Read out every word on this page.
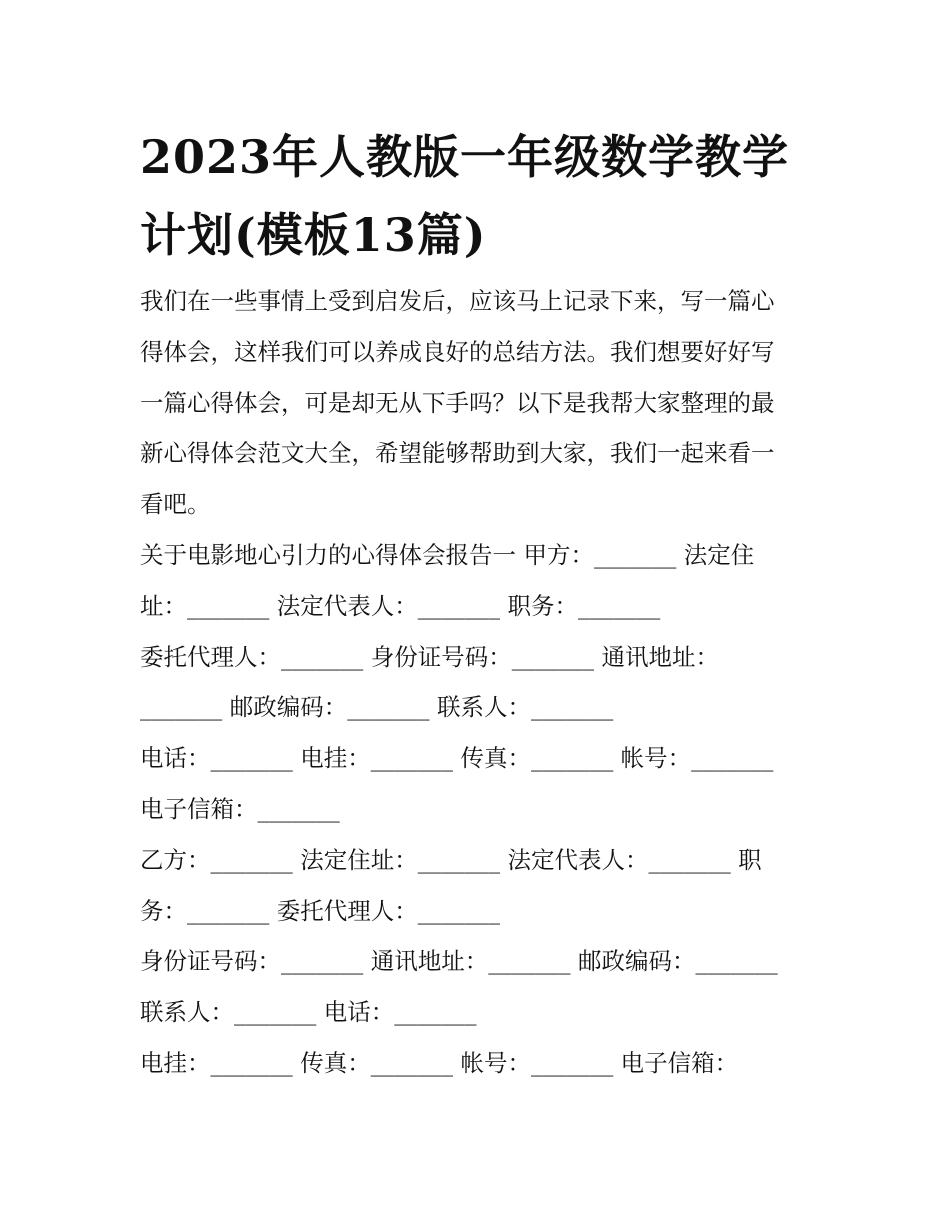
2023年人教版一年级数学教学
计划(模板13篇)
我们在一些事情上受到启发后，应该马上记录下来，写一篇心
得体会，这样我们可以养成良好的总结方法。我们想要好好写
一篇心得体会，可是却无从下手吗？以下是我帮大家整理的最
新心得体会范文大全，希望能够帮助到大家，我们一起来看一
看吧。
关于电影地心引力的心得体会报告一 甲方：_______ 法定住
址：_______ 法定代表人：_______ 职务：_______
委托代理人：_______ 身份证号码：_______ 通讯地址：
_______ 邮政编码：_______ 联系人：_______
电话：_______ 电挂：_______ 传真：_______ 帐号：_______
电子信箱：_______
乙方：_______ 法定住址：_______ 法定代表人：_______ 职
务：_______ 委托代理人：_______
身份证号码：_______ 通讯地址：_______ 邮政编码：_______
联系人：_______ 电话：_______
电挂：_______ 传真：_______ 帐号：_______ 电子信箱：
